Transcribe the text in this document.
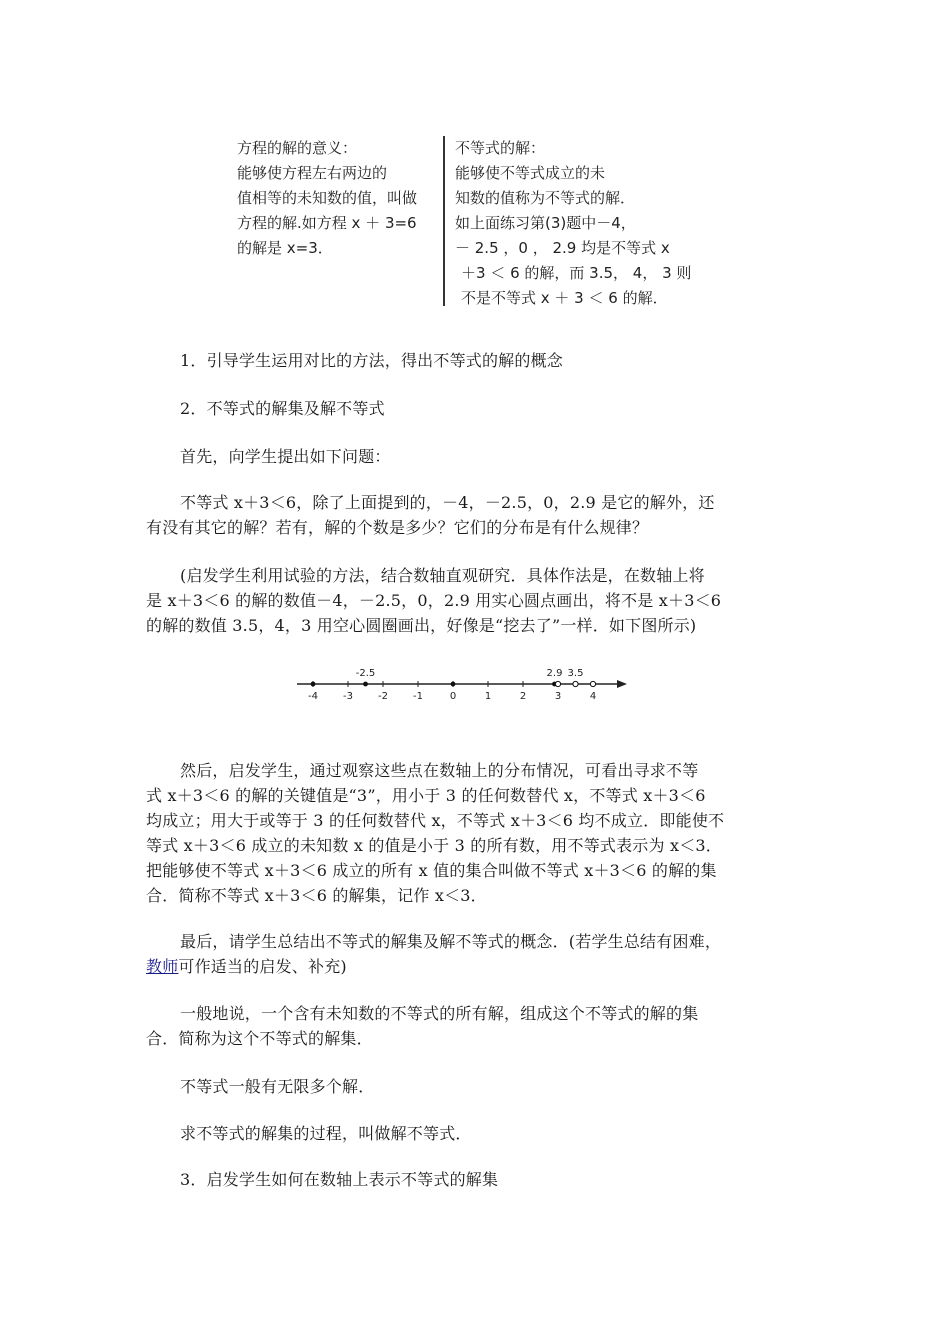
方程的解的意义：
能够使方程左右两边的
值相等的未知数的值，叫做
方程的解.如方程 x ＋ 3=6
的解是 x=3．
不等式的解：
能够使不等式成立的未
知数的值称为不等式的解．
如上面练习第(3)题中－4，
－ 2.5 ，0 ， 2.9 均是不等式 x
＋3 ＜ 6 的解，而 3.5， 4， 3 则
不是不等式 x ＋ 3 ＜ 6 的解．
1．引导学生运用对比的方法，得出不等式的解的概念
2．不等式的解集及解不等式
首先，向学生提出如下问题：
不等式 x＋3＜6，除了上面提到的，－4，－2.5，0，2.9 是它的解外，还
有没有其它的解？若有，解的个数是多少？它们的分布是有什么规律？
(启发学生利用试验的方法，结合数轴直观研究．具体作法是，在数轴上将
是 x＋3＜6 的解的数值－4，－2.5，0，2.9 用实心圆点画出，将不是 x＋3＜6
的解的数值 3.5，4，3 用空心圆圈画出，好像是“挖去了”一样．如下图所示)
-4	-3	-2	-1	0	1	2	3	4
-2.5	2.9 3.5
然后，启发学生，通过观察这些点在数轴上的分布情况，可看出寻求不等
式 x＋3＜6 的解的关键值是“3”，用小于 3 的任何数替代 x，不等式 x＋3＜6
均成立；用大于或等于 3 的任何数替代 x，不等式 x＋3＜6 均不成立．即能使不
等式 x＋3＜6 成立的未知数 x 的值是小于 3 的所有数，用不等式表示为 x＜3．
把能够使不等式 x＋3＜6 成立的所有 x 值的集合叫做不等式 x＋3＜6 的解的集
合．简称不等式 x＋3＜6 的解集，记作 x＜3．
最后，请学生总结出不等式的解集及解不等式的概念．(若学生总结有困难，
教师可作适当的启发、补充)
一般地说，一个含有未知数的不等式的所有解，组成这个不等式的解的集
合．简称为这个不等式的解集．
不等式一般有无限多个解．
求不等式的解集的过程，叫做解不等式．
3．启发学生如何在数轴上表示不等式的解集
